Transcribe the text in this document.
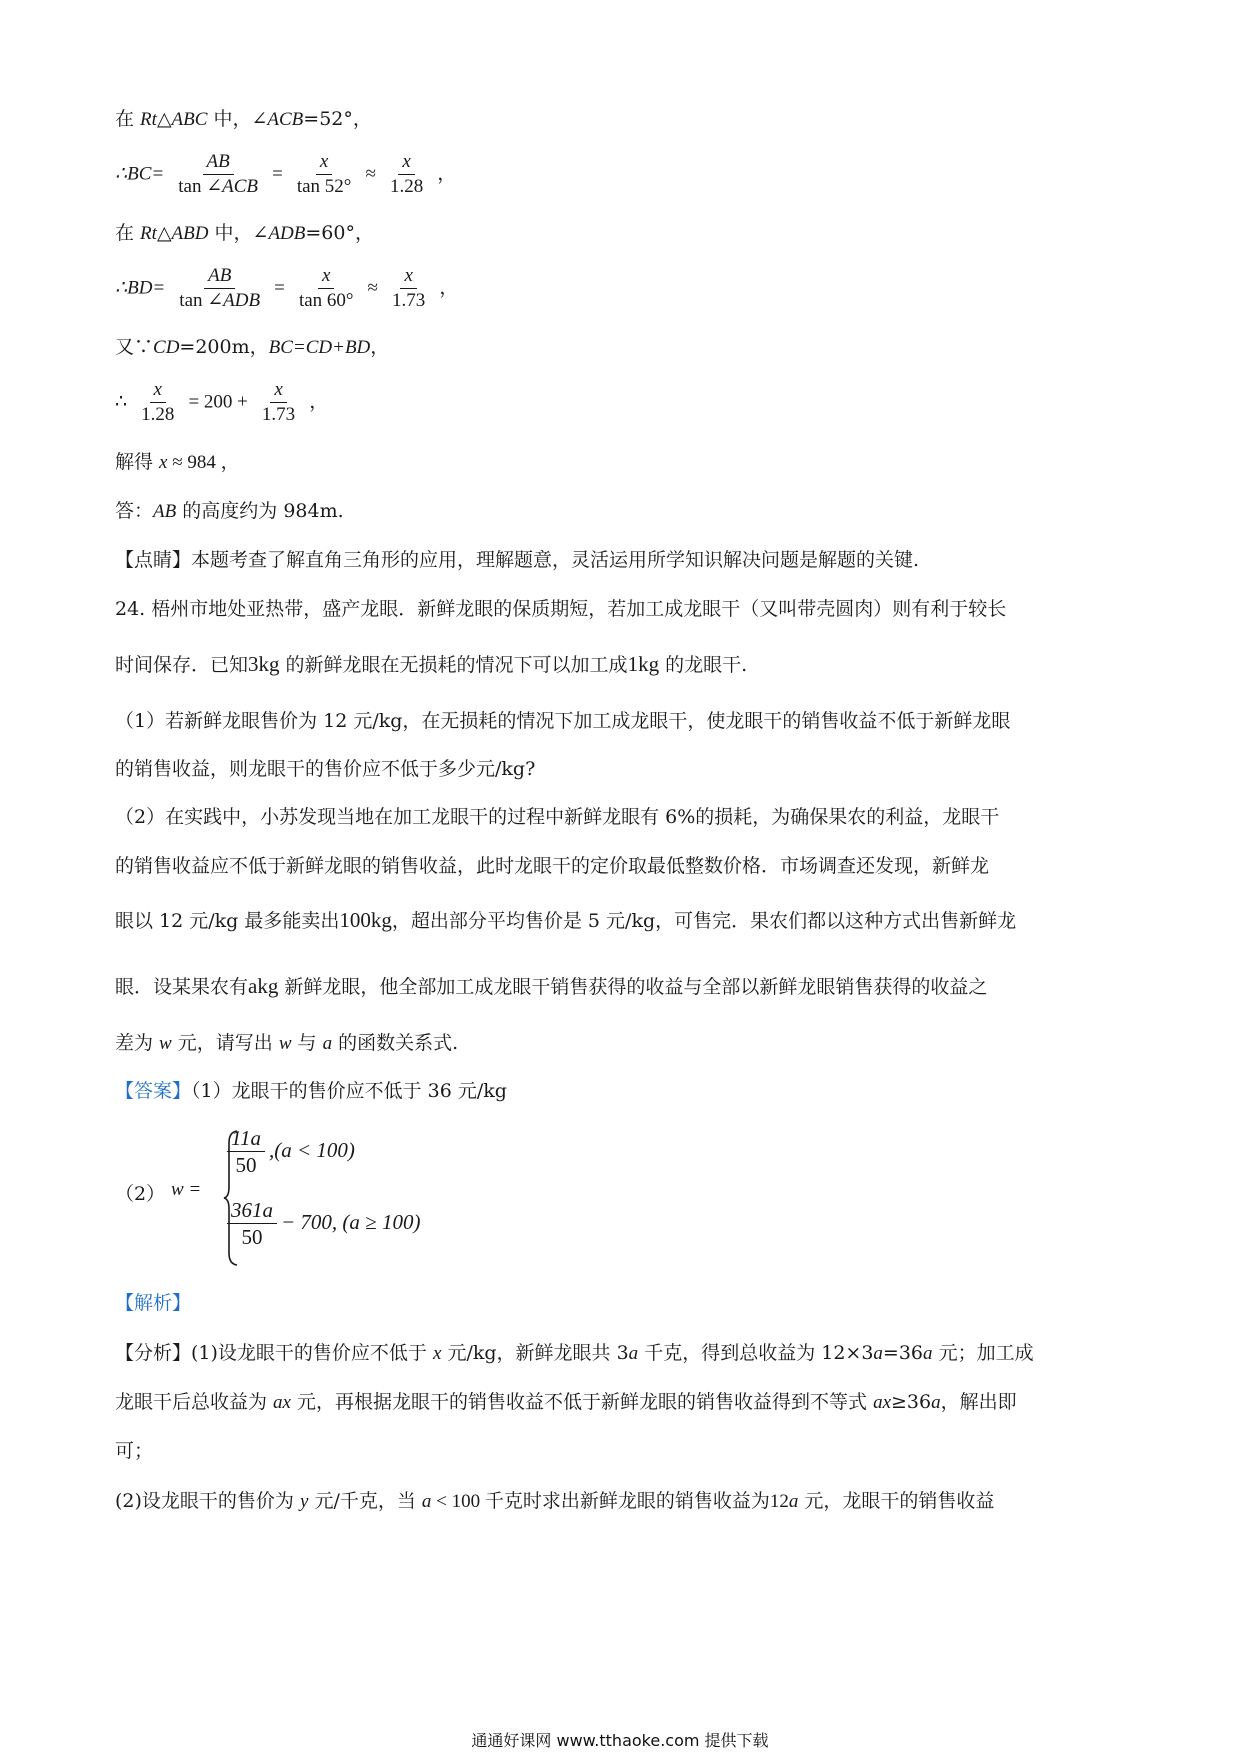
在 Rt△ABC 中，∠ACB=52°，
∴BC= $\frac{AB}{\text{tan ∠ACB}} = \frac{x}{\tan 52^\circ} \approx \frac{x}{1.28}$ ，
在 Rt△ABD 中，∠ADB=60°，
∴BD= $\frac{AB}{\text{tan ∠ADB}} = \frac{x}{\tan 60^\circ} \approx \frac{x}{1.73}$ ，
又∵CD=200m，BC=CD+BD，
∴ $\frac{x}{1.28} = 200 + \frac{x}{1.73}$ ，
解得 x ≈ 984 ，
答：AB 的高度约为 984m.
【点睛】本题考查了解直角三角形的应用，理解题意，灵活运用所学知识解决问题是解题的关键.
24. 梧州市地处亚热带，盛产龙眼．新鲜龙眼的保质期短，若加工成龙眼干（又叫带壳圆肉）则有利于较长
时间保存．已知3kg 的新鲜龙眼在无损耗的情况下可以加工成1kg 的龙眼干.
（1）若新鲜龙眼售价为 12 元/kg，在无损耗的情况下加工成龙眼干，使龙眼干的销售收益不低于新鲜龙眼
的销售收益，则龙眼干的售价应不低于多少元/kg?
（2）在实践中，小苏发现当地在加工龙眼干的过程中新鲜龙眼有 6%的损耗，为确保果农的利益，龙眼干
的销售收益应不低于新鲜龙眼的销售收益，此时龙眼干的定价取最低整数价格．市场调查还发现，新鲜龙
眼以 12 元/kg 最多能卖出100kg，超出部分平均售价是 5 元/kg，可售完．果农们都以这种方式出售新鲜龙
眼．设某果农有akg 新鲜龙眼，他全部加工成龙眼干销售获得的收益与全部以新鲜龙眼销售获得的收益之
差为 w 元，请写出 w 与 a 的函数关系式.
【答案】（1）龙眼干的售价应不低于 36 元/kg
（2） w =
$\frac{11a}{50} ,(a < 100)$
$\frac{361a}{50} - 700$, (a ≥ 100)
【解析】
【分析】(1)设龙眼干的售价应不低于 x 元/kg，新鲜龙眼共 3a 千克，得到总收益为 12×3a=36a 元；加工成
龙眼干后总收益为 ax 元，再根据龙眼干的销售收益不低于新鲜龙眼的销售收益得到不等式 ax≥36a，解出即
可；
(2)设龙眼干的售价为 y 元/千克，当 a < 100 千克时求出新鲜龙眼的销售收益为12a 元，龙眼干的销售收益
通通好课网 www.tthaoke.com 提供下载
